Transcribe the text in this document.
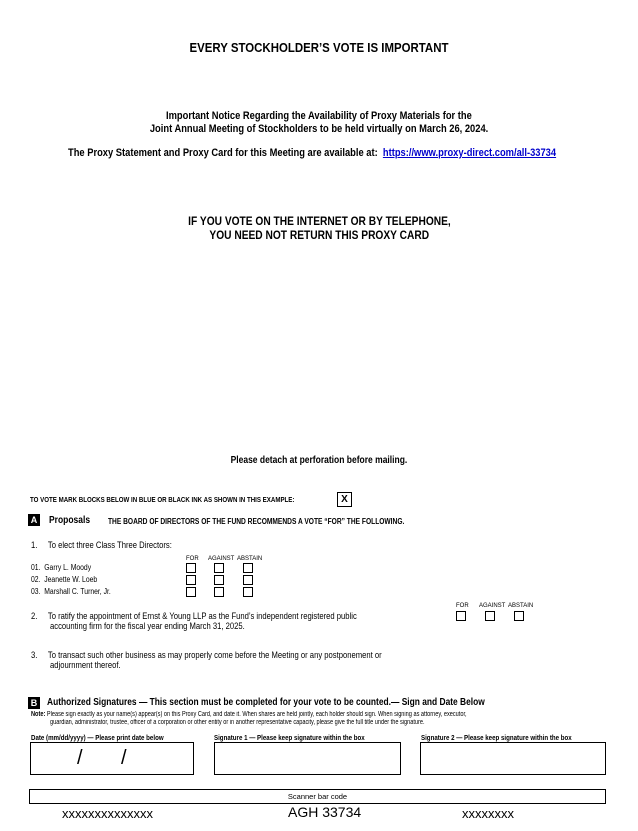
EVERY STOCKHOLDER’S VOTE IS IMPORTANT
Important Notice Regarding the Availability of Proxy Materials for the
Joint Annual Meeting of Stockholders to be held virtually on March 26, 2024.
The Proxy Statement and Proxy Card for this Meeting are available at: https://www.proxy-direct.com/all-33734
IF YOU VOTE ON THE INTERNET OR BY TELEPHONE,
YOU NEED NOT RETURN THIS PROXY CARD
Please detach at perforation before mailing.
TO VOTE MARK BLOCKS BELOW IN BLUE OR BLACK INK AS SHOWN IN THIS EXAMPLE:	X
A Proposals	THE BOARD OF DIRECTORS OF THE FUND RECOMMENDS A VOTE “FOR” THE FOLLOWING.
1. To elect three Class Three Directors:
FOR AGAINST ABSTAIN
01. Garry L. Moody
02. Jeanette W. Loeb
03. Marshall C. Turner, Jr.
2. To ratify the appointment of Ernst & Young LLP as the Fund’s independent registered public
accounting firm for the fiscal year ending March 31, 2025.
FOR AGAINST ABSTAIN
3. To transact such other business as may properly come before the Meeting or any postponement or
adjournment thereof.
B Authorized Signatures — This section must be completed for your vote to be counted.— Sign and Date Below
Note: Please sign exactly as your name(s) appear(s) on this Proxy Card, and date it. When shares are held jointly, each holder should sign. When signing as attorney, executor,
guardian, administrator, trustee, officer of a corporation or other entity or in another representative capacity, please give the full title under the signature.
Date (mm/dd/yyyy) — Please print date below	Signature 1 — Please keep signature within the box	Signature 2 — Please keep signature within the box
/ /
Scanner bar code
xxxxxxxxxxxxxx	AGH 33734	xxxxxxxx
